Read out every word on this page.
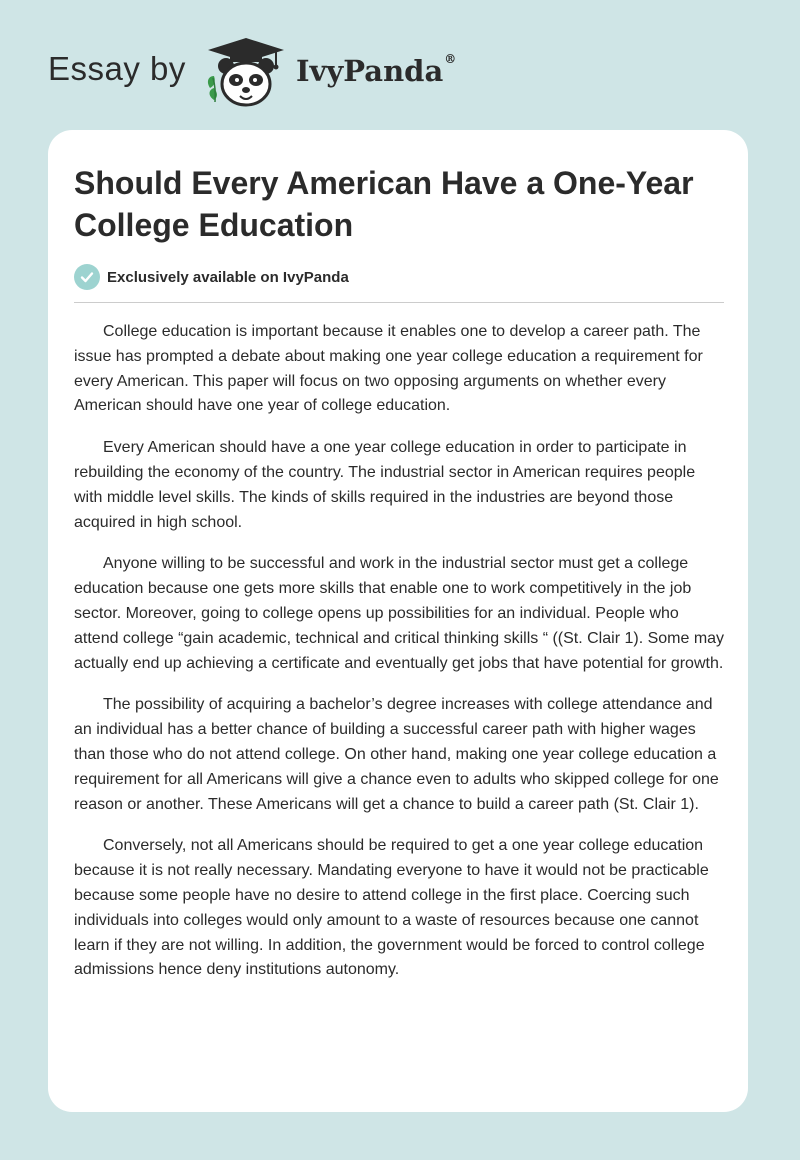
Essay by	IvyPanda®
Should Every American Have a One-Year College Education
Exclusively available on IvyPanda

College education is important because it enables one to develop a career path. The issue has prompted a debate about making one year college education a requirement for every American. This paper will focus on two opposing arguments on whether every American should have one year of college education.

Every American should have a one year college education in order to participate in rebuilding the economy of the country. The industrial sector in American requires people with middle level skills. The kinds of skills required in the industries are beyond those acquired in high school.

Anyone willing to be successful and work in the industrial sector must get a college education because one gets more skills that enable one to work competitively in the job sector. Moreover, going to college opens up possibilities for an individual. People who attend college “gain academic, technical and critical thinking skills “ ((St. Clair 1). Some may actually end up achieving a certificate and eventually get jobs that have potential for growth.

The possibility of acquiring a bachelor’s degree increases with college attendance and an individual has a better chance of building a successful career path with higher wages than those who do not attend college. On other hand, making one year college education a requirement for all Americans will give a chance even to adults who skipped college for one reason or another. These Americans will get a chance to build a career path (St. Clair 1).

Conversely, not all Americans should be required to get a one year college education because it is not really necessary. Mandating everyone to have it would not be practicable because some people have no desire to attend college in the first place. Coercing such individuals into colleges would only amount to a waste of resources because one cannot learn if they are not willing. In addition, the government would be forced to control college admissions hence deny institutions autonomy.
